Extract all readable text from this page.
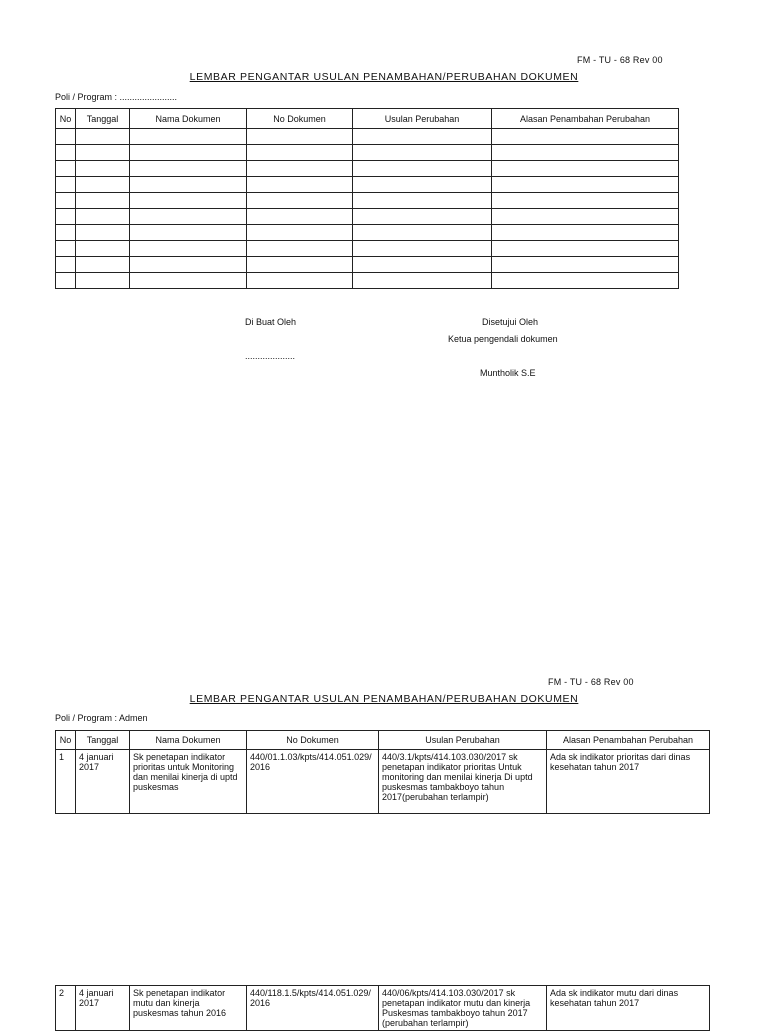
FM - TU - 68 Rev 00
LEMBAR PENGANTAR USULAN PENAMBAHAN/PERUBAHAN DOKUMEN
Poli / Program : .......................
No	Tanggal	Nama Dokumen	No Dokumen	Usulan Perubahan	Alasan Penambahan Perubahan

Di Buat Oleh	Disetujui Oleh
Ketua pengendali dokumen
....................
Muntholik S.E
FM - TU - 68 Rev 00
LEMBAR PENGANTAR USULAN PENAMBAHAN/PERUBAHAN DOKUMEN
Poli / Program : Admen
No	Tanggal	Nama Dokumen	No Dokumen	Usulan Perubahan	Alasan Penambahan Perubahan
1	4 januari 2017	Sk penetapan indikator prioritas untuk Monitoring dan menilai kinerja di uptd puskesmas	440/01.1.03/kpts/414.051.029/ 2016	440/3.1/kpts/414.103.030/2017 sk penetapan indikator prioritas Untuk monitoring dan menilai kinerja Di uptd puskesmas tambakboyo tahun 2017(perubahan terlampir)	Ada sk indikator prioritas dari dinas kesehatan tahun 2017
2	4 januari 2017	Sk penetapan indikator mutu dan kinerja puskesmas tahun 2016	440/118.1.5/kpts/414.051.029/ 2016	440/06/kpts/414.103.030/2017 sk penetapan indikator mutu dan kinerja Puskesmas tambakboyo tahun 2017 (perubahan terlampir)	Ada sk indikator mutu dari dinas kesehatan tahun 2017
